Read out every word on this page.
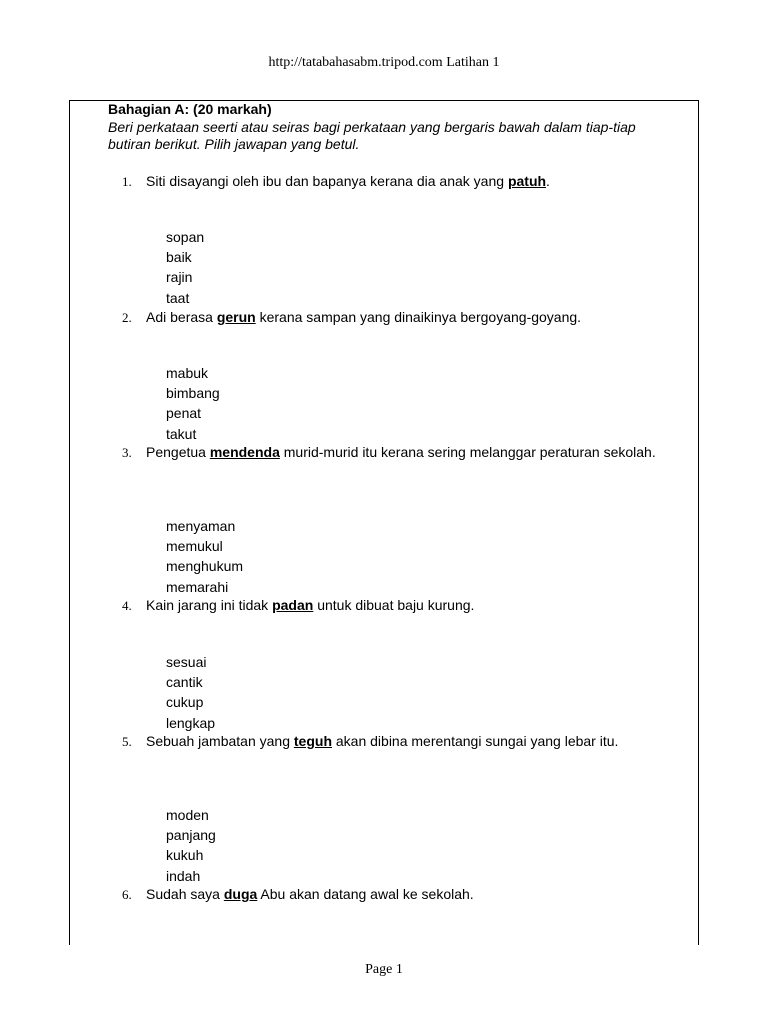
http://tatabahasabm.tripod.com Latihan 1
Bahagian A: (20 markah)
Beri perkataan seerti atau seiras bagi perkataan yang bergaris bawah dalam tiap-tiap butiran berikut. Pilih jawapan yang betul.
1. Siti disayangi oleh ibu dan bapanya kerana dia anak yang patuh.
sopan
baik
rajin
taat
2. Adi berasa gerun kerana sampan yang dinaikinya bergoyang-goyang.
mabuk
bimbang
penat
takut
3. Pengetua mendenda murid-murid itu kerana sering melanggar peraturan sekolah.
menyaman
memukul
menghukum
memarahi
4. Kain jarang ini tidak padan untuk dibuat baju kurung.
sesuai
cantik
cukup
lengkap
5. Sebuah jambatan yang teguh akan dibina merentangi sungai yang lebar itu.
moden
panjang
kukuh
indah
6. Sudah saya duga Abu akan datang awal ke sekolah.
Page 1
